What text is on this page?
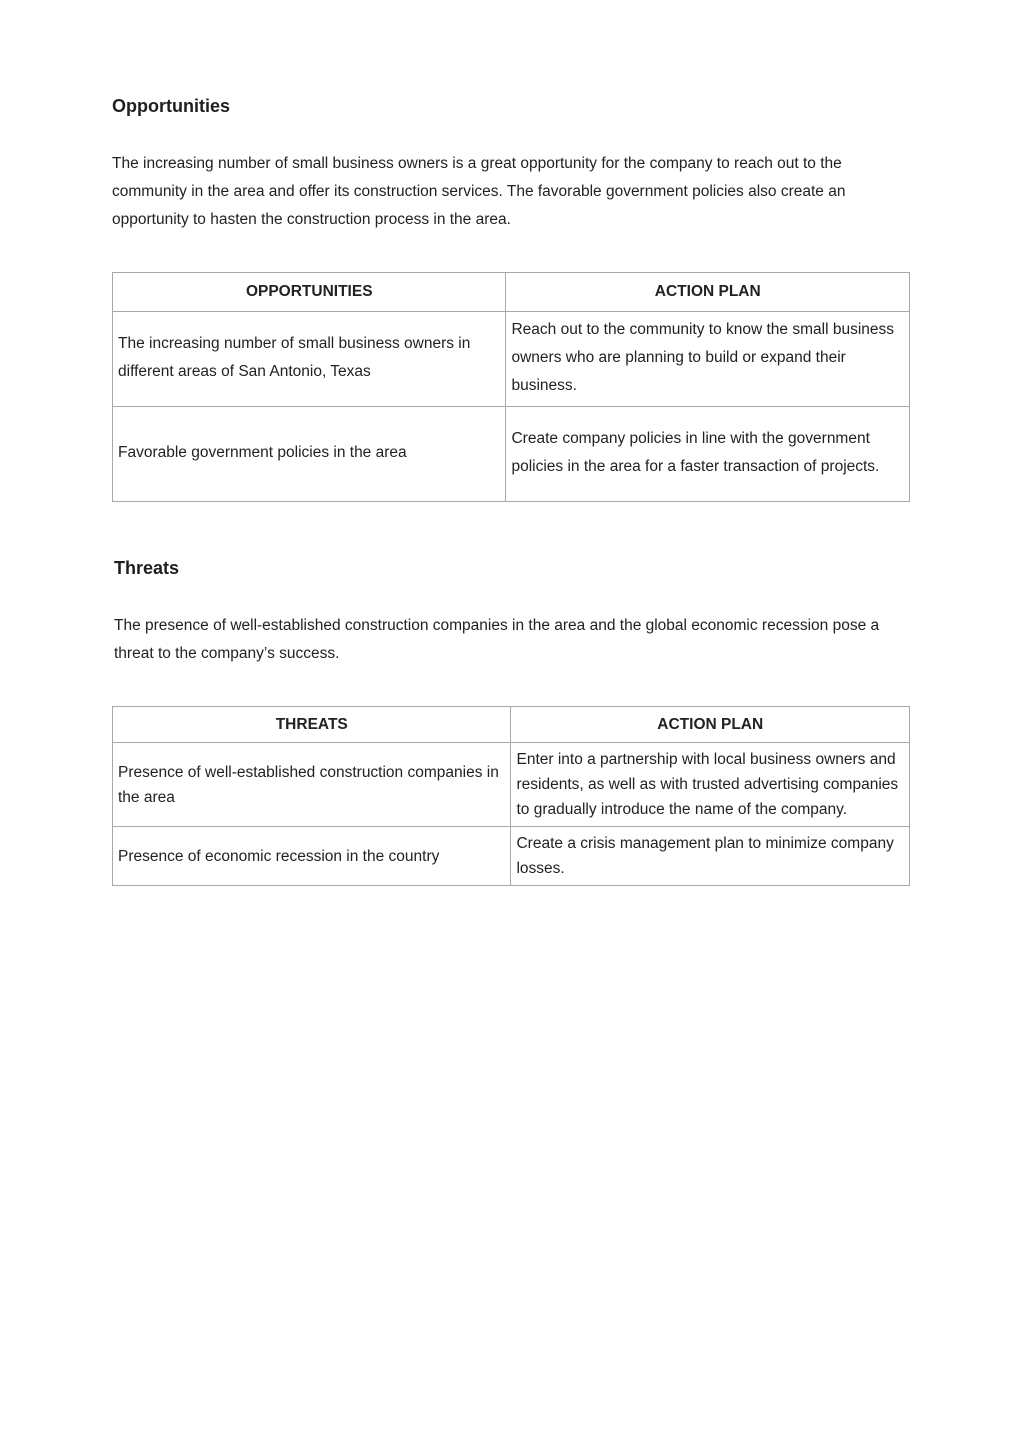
Opportunities

The increasing number of small business owners is a great opportunity for the company to reach out to the community in the area and offer its construction services. The favorable government policies also create an opportunity to hasten the construction process in the area.

OPPORTUNITIES	ACTION PLAN
The increasing number of small business owners in different areas of San Antonio, Texas	Reach out to the community to know the small business owners who are planning to build or expand their business.
Favorable government policies in the area	Create company policies in line with the government policies in the area for a faster transaction of projects.
Threats

The presence of well-established construction companies in the area and the global economic recession pose a threat to the company’s success.

THREATS	ACTION PLAN
Presence of well-established construction companies in the area	Enter into a partnership with local business owners and residents, as well as with trusted advertising companies to gradually introduce the name of the company.
Presence of economic recession in the country	Create a crisis management plan to minimize company losses.
